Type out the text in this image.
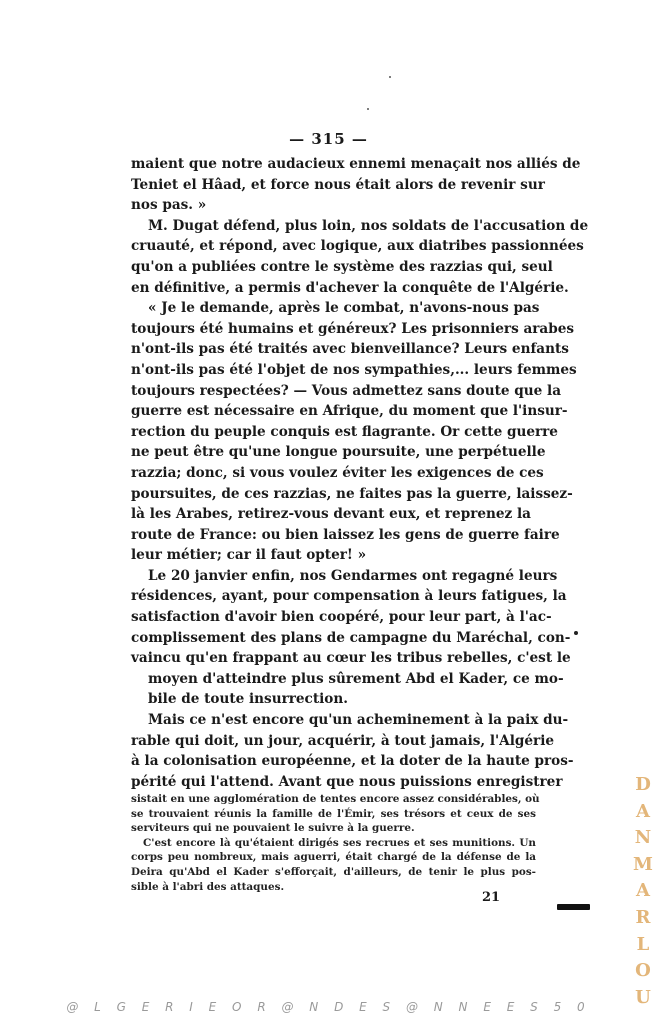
— 315 —
maient que notre audacieux ennemi menaçait nos alliés de
Teniet el Hâad, et force nous était alors de revenir sur
nos pas. »
M. Dugat défend, plus loin, nos soldats de l'accusation de
cruauté, et répond, avec logique, aux diatribes passionnées
qu'on a publiées contre le système des razzias qui, seul
en définitive, a permis d'achever la conquête de l'Algérie.
« Je le demande, après le combat, n'avons-nous pas
toujours été humains et généreux? Les prisonniers arabes
n'ont-ils pas été traités avec bienveillance? Leurs enfants
n'ont-ils pas été l'objet de nos sympathies,... leurs femmes
toujours respectées? — Vous admettez sans doute que la
guerre est nécessaire en Afrique, du moment que l'insur-
rection du peuple conquis est flagrante. Or cette guerre
ne peut être qu'une longue poursuite, une perpétuelle
razzia; donc, si vous voulez éviter les exigences de ces
poursuites, de ces razzias, ne faites pas la guerre, laissez-
là les Arabes, retirez-vous devant eux, et reprenez la
route de France: ou bien laissez les gens de guerre faire
leur métier; car il faut opter! »
Le 20 janvier enfin, nos Gendarmes ont regagné leurs
résidences, ayant, pour compensation à leurs fatigues, la
satisfaction d'avoir bien coopéré, pour leur part, à l'ac-
complissement des plans de campagne du Maréchal, con-
vaincu qu'en frappant au cœur les tribus rebelles, c'est le
moyen d'atteindre plus sûrement Abd el Kader, ce mo-
bile de toute insurrection.
Mais ce n'est encore qu'un acheminement à la paix du-
rable qui doit, un jour, acquérir, à tout jamais, l'Algérie
à la colonisation européenne, et la doter de la haute pros-
périté qui l'attend. Avant que nous puissions enregistrer
sistait en une agglomération de tentes encore assez considérables, où
se trouvaient réunis la famille de l'Émir, ses trésors et ceux de ses
serviteurs qui ne pouvaient le suivre à la guerre.
C'est encore là qu'étaient dirigés ses recrues et ses munitions. Un
corps peu nombreux, mais aguerri, était chargé de la défense de la
Deira qu'Abd el Kader s'efforçait, d'ailleurs, de tenir le plus pos-
sible à l'abri des attaques.
21
D
A
N
M
A
R
L
O
U
@ L G E R I E O R @ N D E S @ N N E E S 5 0
